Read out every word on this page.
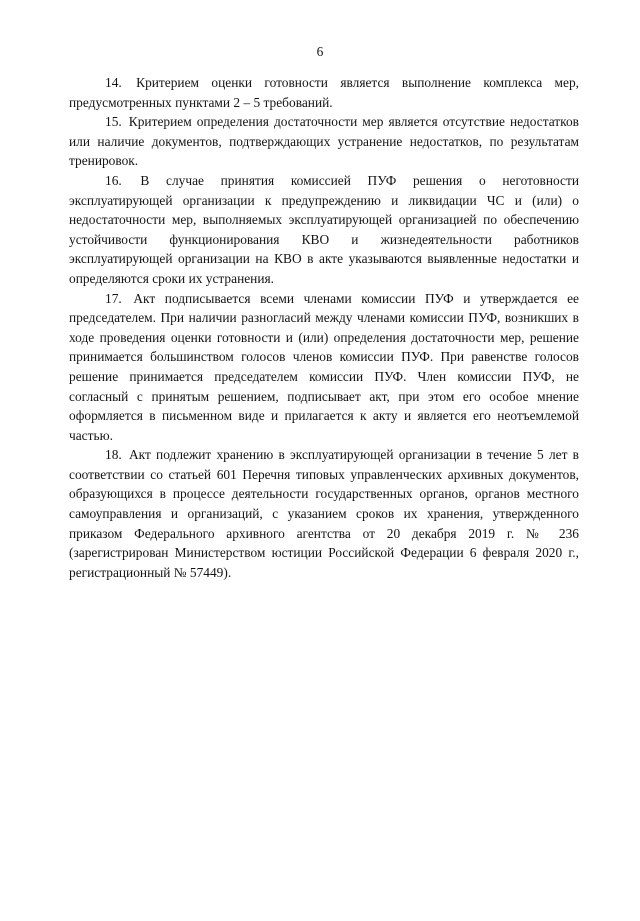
6

14. Критерием оценки готовности является выполнение комплекса мер, предусмотренных пунктами 2 – 5 требований.

15. Критерием определения достаточности мер является отсутствие недостатков или наличие документов, подтверждающих устранение недостатков, по результатам тренировок.

16. В случае принятия комиссией ПУФ решения о неготовности эксплуатирующей организации к предупреждению и ликвидации ЧС и (или) о недостаточности мер, выполняемых эксплуатирующей организацией по обеспечению устойчивости функционирования КВО и жизнедеятельности работников эксплуатирующей организации на КВО в акте указываются выявленные недостатки и определяются сроки их устранения.

17. Акт подписывается всеми членами комиссии ПУФ и утверждается ее председателем. При наличии разногласий между членами комиссии ПУФ, возникших в ходе проведения оценки готовности и (или) определения достаточности мер, решение принимается большинством голосов членов комиссии ПУФ. При равенстве голосов решение принимается председателем комиссии ПУФ. Член комиссии ПУФ, не согласный с принятым решением, подписывает акт, при этом его особое мнение оформляется в письменном виде и прилагается к акту и является его неотъемлемой частью.

18. Акт подлежит хранению в эксплуатирующей организации в течение 5 лет в соответствии со статьей 601 Перечня типовых управленческих архивных документов, образующихся в процессе деятельности государственных органов, органов местного самоуправления и организаций, с указанием сроков их хранения, утвержденного приказом Федерального архивного агентства от 20 декабря 2019 г. № 236 (зарегистрирован Министерством юстиции Российской Федерации 6 февраля 2020 г., регистрационный № 57449).
